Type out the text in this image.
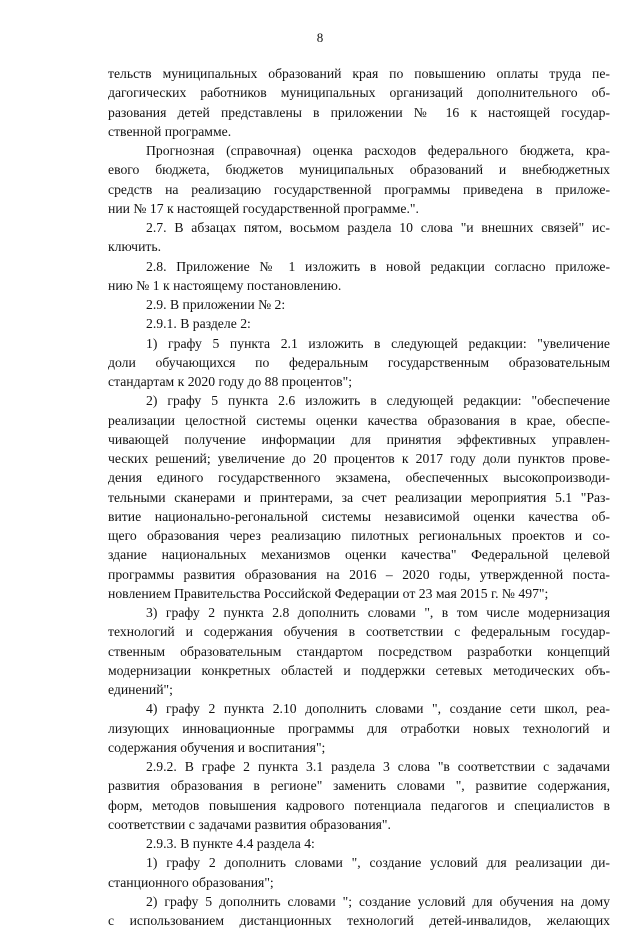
8
тельств муниципальных образований края по повышению оплаты труда пе-
дагогических работников муниципальных организаций дополнительного об-
разования детей представлены в приложении № 16 к настоящей государ-
ственной программе.
Прогнозная (справочная) оценка расходов федерального бюджета, кра-
евого бюджета, бюджетов муниципальных образований и внебюджетных
средств на реализацию государственной программы приведена в приложе-
нии № 17 к настоящей государственной программе.".
2.7. В абзацах пятом, восьмом раздела 10 слова "и внешних связей" ис-
ключить.
2.8. Приложение № 1 изложить в новой редакции согласно приложе-
нию № 1 к настоящему постановлению.
2.9. В приложении № 2:
2.9.1. В разделе 2:
1) графу 5 пункта 2.1 изложить в следующей редакции: "увеличение
доли обучающихся по федеральным государственным образовательным
стандартам к 2020 году до 88 процентов";
2) графу 5 пункта 2.6 изложить в следующей редакции: "обеспечение
реализации целостной системы оценки качества образования в крае, обеспе-
чивающей получение информации для принятия эффективных управлен-
ческих решений; увеличение до 20 процентов к 2017 году доли пунктов прове-
дения единого государственного экзамена, обеспеченных высокопроизводи-
тельными сканерами и принтерами, за счет реализации мероприятия 5.1 "Раз-
витие национально-регональной системы независимой оценки качества об-
щего образования через реализацию пилотных региональных проектов и со-
здание национальных механизмов оценки качества" Федеральной целевой
программы развития образования на 2016 – 2020 годы, утвержденной поста-
новлением Правительства Российской Федерации от 23 мая 2015 г. № 497";
3) графу 2 пункта 2.8 дополнить словами ", в том числе модернизация
технологий и содержания обучения в соответствии с федеральным государ-
ственным образовательным стандартом посредством разработки концепций
модернизации конкретных областей и поддержки сетевых методических объ-
единений";
4) графу 2 пункта 2.10 дополнить словами ", создание сети школ, реа-
лизующих инновационные программы для отработки новых технологий и
содержания обучения и воспитания";
2.9.2. В графе 2 пункта 3.1 раздела 3 слова "в соответствии с задачами
развития образования в регионе" заменить словами ", развитие содержания,
форм, методов повышения кадрового потенциала педагогов и специалистов в
соответствии с задачами развития образования".
2.9.3. В пункте 4.4 раздела 4:
1) графу 2 дополнить словами ", создание условий для реализации ди-
станционного образования";
2) графу 5 дополнить словами "; создание условий для обучения на дому
с использованием дистанционных технологий детей-инвалидов, желающих
